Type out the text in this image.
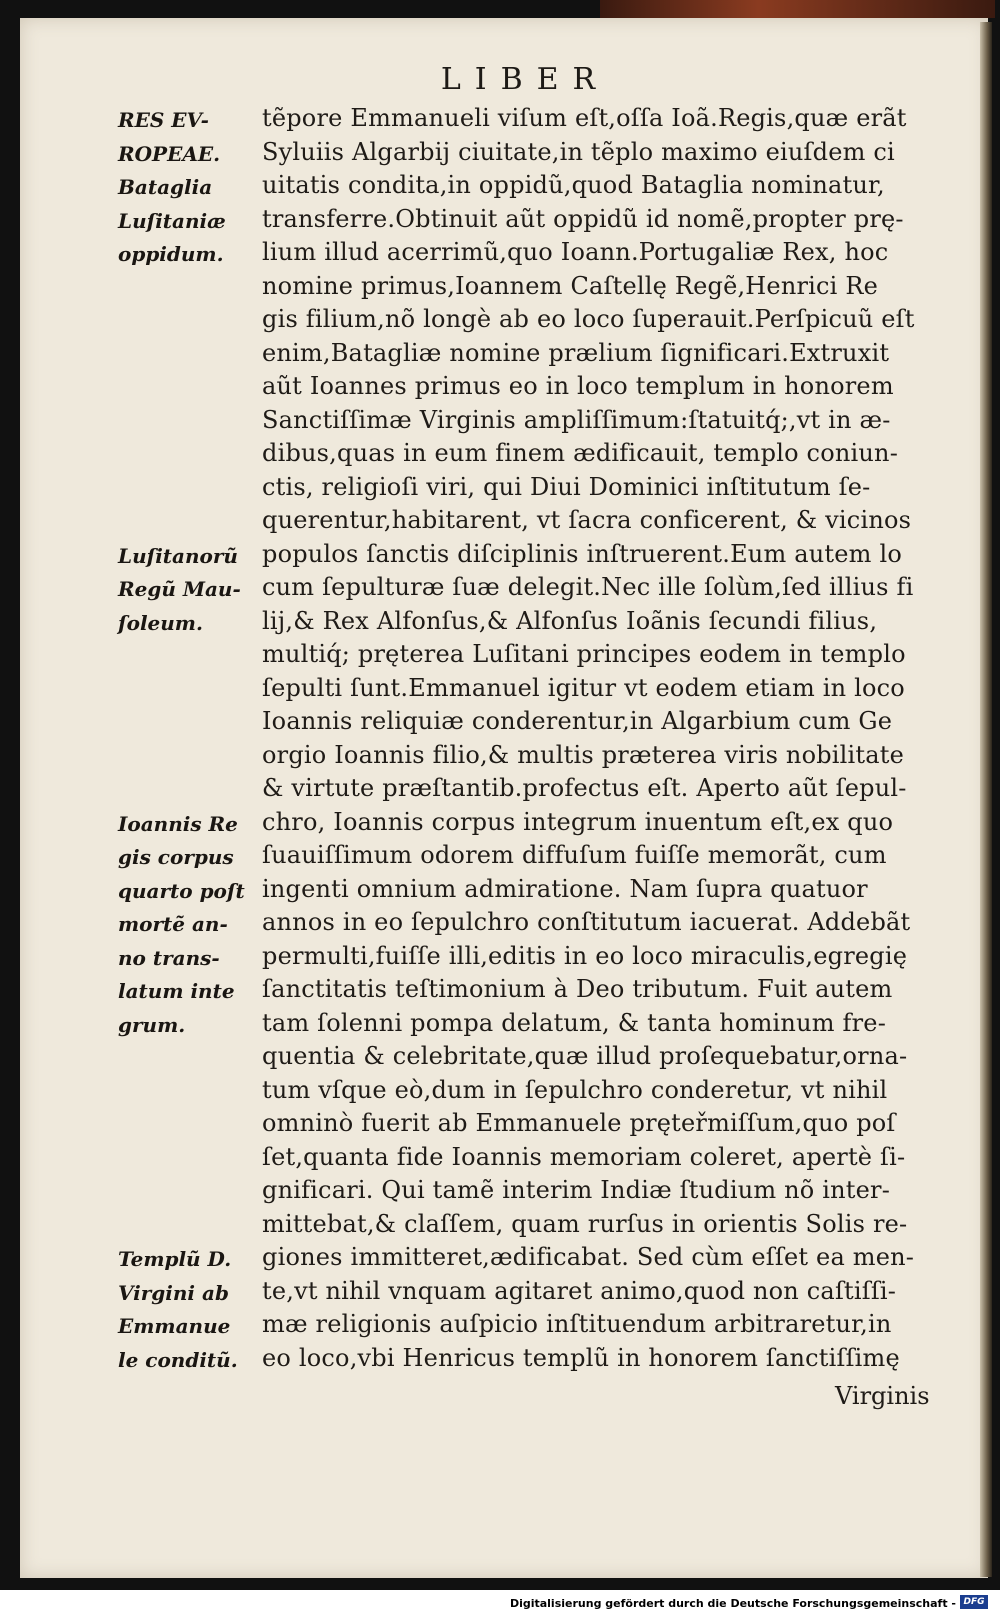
LIBER
tẽpore Emmanueli viſum eſt,oſſa Ioã.Regis,quæ erãt
Syluiis Algarbij ciuitate,in tẽplo maximo eiuſdem ci
uitatis condita,in oppidũ,quod Bataglia nominatur,
transferre.Obtinuit aũt oppidũ id nomẽ,propter prę-
lium illud acerrimũ,quo Ioann.Portugaliæ Rex, hoc
nomine primus,Ioannem Caſtellę Regẽ,Henrici Re
gis filium,nõ longè ab eo loco ſuperauit.Perſpicuũ eſt
enim,Batagliæ nomine prælium ſignificari.Extruxit
aũt Ioannes primus eo in loco templum in honorem
Sanctiſſimæ Virginis ampliſſimum:ſtatuitq́;,vt in æ-
dibus,quas in eum finem ædificauit, templo coniun-
ctis, religioſi viri, qui Diui Dominici inſtitutum ſe-
querentur,habitarent, vt ſacra conficerent, & vicinos
populos ſanctis diſciplinis inſtruerent.Eum autem lo
cum ſepulturæ ſuæ delegit.Nec ille ſolùm,ſed illius fi
lij,& Rex Alfonſus,& Alfonſus Ioãnis ſecundi filius,
multiq́; pręterea Luſitani principes eodem in templo
ſepulti ſunt.Emmanuel igitur vt eodem etiam in loco
Ioannis reliquiæ conderentur,in Algarbium cum Ge
orgio Ioannis filio,& multis præterea viris nobilitate
& virtute præſtantib.profectus eſt. Aperto aũt ſepul-
chro, Ioannis corpus integrum inuentum eſt,ex quo
ſuauiſſimum odorem diffuſum fuiſſe memorãt, cum
ingenti omnium admiratione. Nam ſupra quatuor
annos in eo ſepulchro conſtitutum iacuerat. Addebãt
permulti,fuiſſe illi,editis in eo loco miraculis,egregię
ſanctitatis teſtimonium à Deo tributum. Fuit autem
tam ſolenni pompa delatum, & tanta hominum fre-
quentia & celebritate,quæ illud proſequebatur,orna-
tum vſque eò,dum in ſepulchro conderetur, vt nihil
omninò fuerit ab Emmanuele pręteřmiſſum,quo poſ
ſet,quanta fide Ioannis memoriam coleret, apertè ſi-
gnificari. Qui tamẽ interim Indiæ ſtudium nõ inter-
mittebat,& claſſem, quam rurſus in orientis Solis re-
giones immitteret,ædificabat. Sed cùm eſſet ea men-
te,vt nihil vnquam agitaret animo,quod non caſtiſſi-
mæ religionis auſpicio inſtituendum arbitraretur,in
eo loco,vbi Henricus templũ in honorem ſanctiſſimę
RES EV-
ROPEAE.
Bataglia
Luſitaniæ
oppidum.
Luſitanorũ
Regũ Mau-
ſoleum.
Ioannis Re
gis corpus
quarto poſt
mortẽ an-
no trans-
latum inte
grum.
Templũ D.
Virgini ab
Emmanue
le conditũ.
Virginis
Digitalisierung gefördert durch die Deutsche Forschungsgemeinschaft - DFG
